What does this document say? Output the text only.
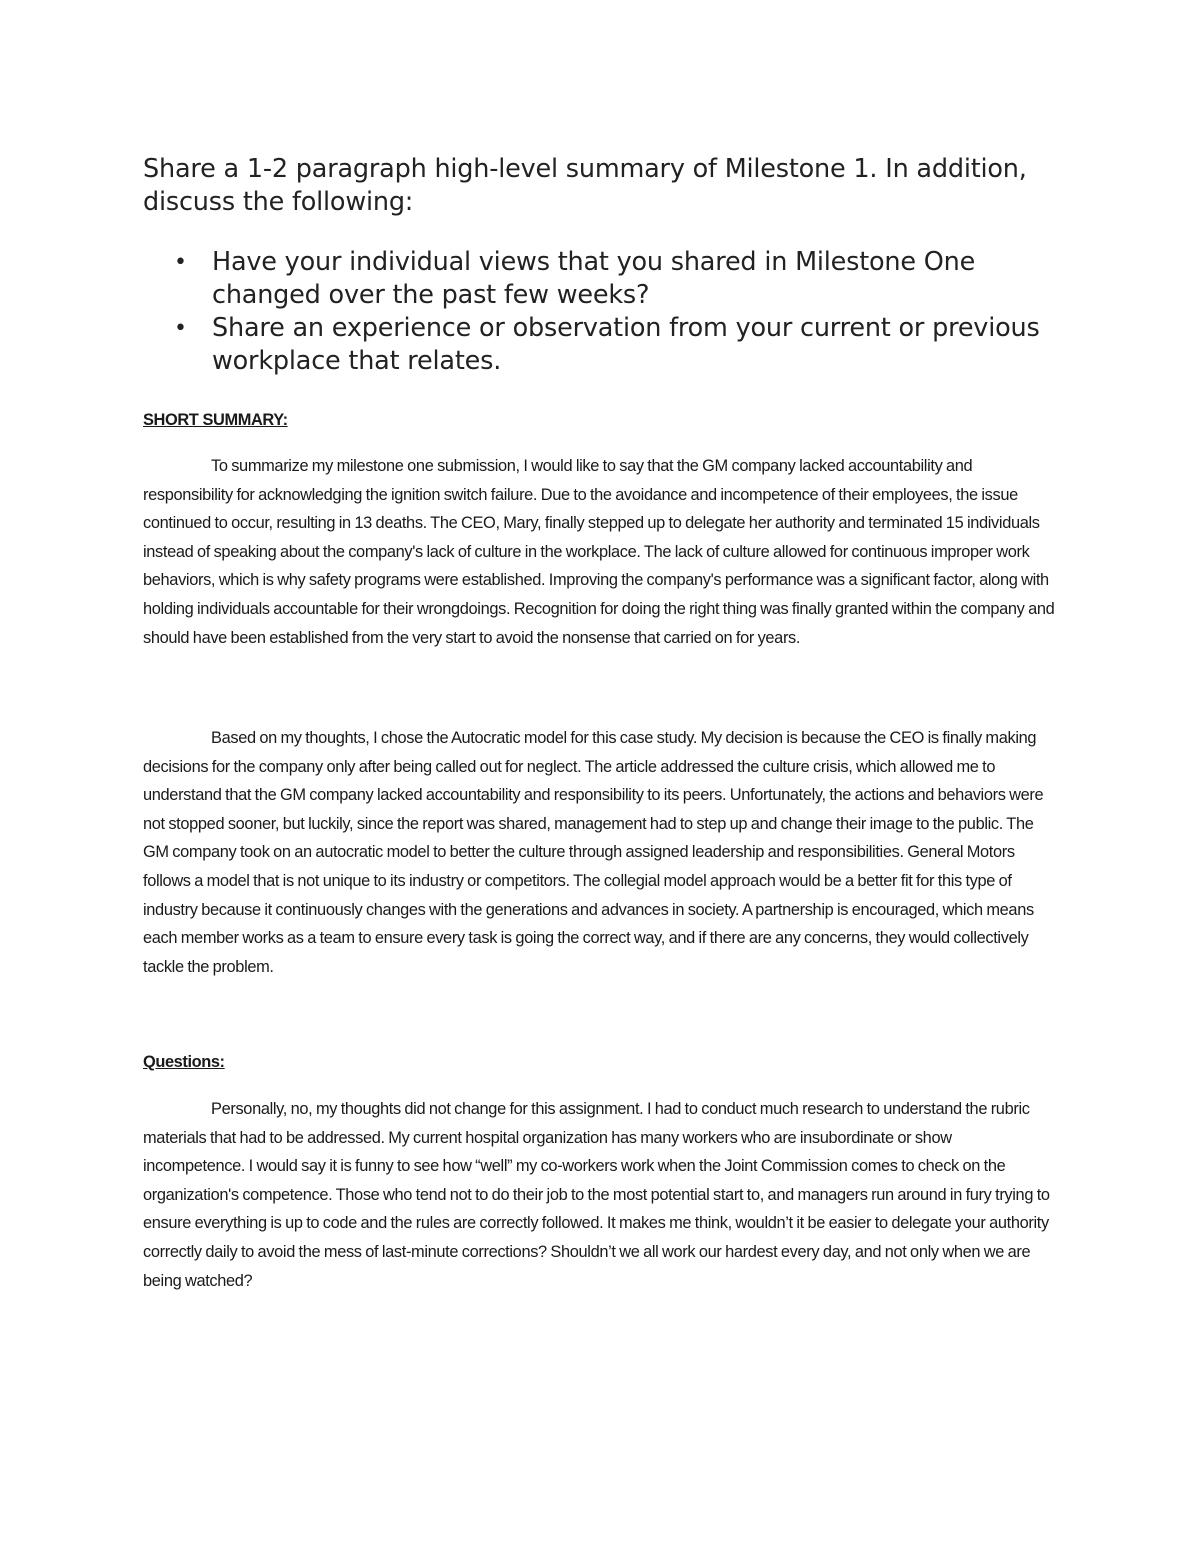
Share a 1-2 paragraph high-level summary of Milestone 1. In addition, discuss the following:

• Have your individual views that you shared in Milestone One changed over the past few weeks?
• Share an experience or observation from your current or previous workplace that relates.
SHORT SUMMARY:

To summarize my milestone one submission, I would like to say that the GM company lacked accountability and responsibility for acknowledging the ignition switch failure. Due to the avoidance and incompetence of their employees, the issue continued to occur, resulting in 13 deaths. The CEO, Mary, finally stepped up to delegate her authority and terminated 15 individuals instead of speaking about the company's lack of culture in the workplace. The lack of culture allowed for continuous improper work behaviors, which is why safety programs were established. Improving the company's performance was a significant factor, along with holding individuals accountable for their wrongdoings. Recognition for doing the right thing was finally granted within the company and should have been established from the very start to avoid the nonsense that carried on for years.

Based on my thoughts, I chose the Autocratic model for this case study. My decision is because the CEO is finally making decisions for the company only after being called out for neglect. The article addressed the culture crisis, which allowed me to understand that the GM company lacked accountability and responsibility to its peers. Unfortunately, the actions and behaviors were not stopped sooner, but luckily, since the report was shared, management had to step up and change their image to the public. The GM company took on an autocratic model to better the culture through assigned leadership and responsibilities. General Motors follows a model that is not unique to its industry or competitors. The collegial model approach would be a better fit for this type of industry because it continuously changes with the generations and advances in society. A partnership is encouraged, which means each member works as a team to ensure every task is going the correct way, and if there are any concerns, they would collectively tackle the problem.

Questions:

Personally, no, my thoughts did not change for this assignment. I had to conduct much research to understand the rubric materials that had to be addressed. My current hospital organization has many workers who are insubordinate or show incompetence. I would say it is funny to see how “well” my co-workers work when the Joint Commission comes to check on the organization's competence. Those who tend not to do their job to the most potential start to, and managers run around in fury trying to ensure everything is up to code and the rules are correctly followed. It makes me think, wouldn’t it be easier to delegate your authority correctly daily to avoid the mess of last-minute corrections? Shouldn’t we all work our hardest every day, and not only when we are being watched?
